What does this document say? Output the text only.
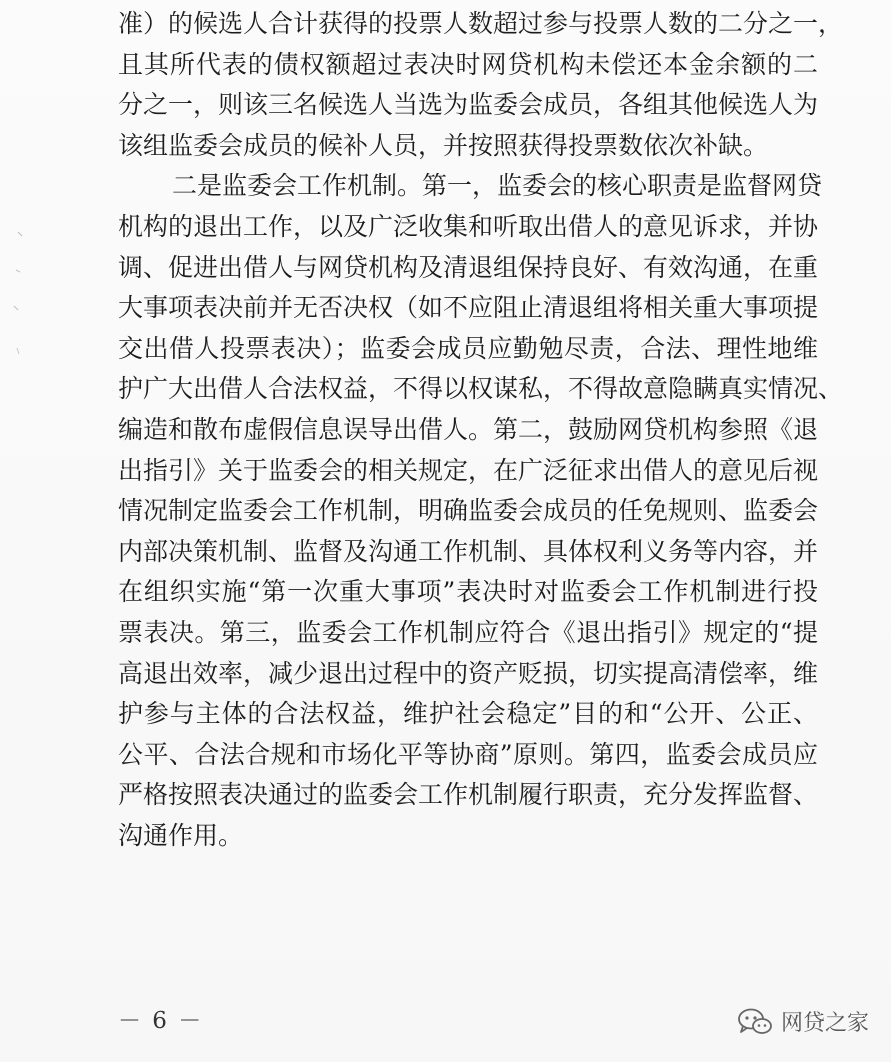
准）的候选人合计获得的投票人数超过参与投票人数的二分之一，
且其所代表的债权额超过表决时网贷机构未偿还本金余额的二
分之一，则该三名候选人当选为监委会成员，各组其他候选人为
该组监委会成员的候补人员，并按照获得投票数依次补缺。
二是监委会工作机制。第一，监委会的核心职责是监督网贷
机构的退出工作，以及广泛收集和听取出借人的意见诉求，并协
调、促进出借人与网贷机构及清退组保持良好、有效沟通，在重
大事项表决前并无否决权（如不应阻止清退组将相关重大事项提
交出借人投票表决）；监委会成员应勤勉尽责，合法、理性地维
护广大出借人合法权益，不得以权谋私，不得故意隐瞒真实情况、
编造和散布虚假信息误导出借人。第二，鼓励网贷机构参照《退
出指引》关于监委会的相关规定，在广泛征求出借人的意见后视
情况制定监委会工作机制，明确监委会成员的任免规则、监委会
内部决策机制、监督及沟通工作机制、具体权利义务等内容，并
在组织实施“第一次重大事项”表决时对监委会工作机制进行投
票表决。第三，监委会工作机制应符合《退出指引》规定的“提
高退出效率，减少退出过程中的资产贬损，切实提高清偿率，维
护参与主体的合法权益，维护社会稳定”目的和“公开、公正、
公平、合法合规和市场化平等协商”原则。第四，监委会成员应
严格按照表决通过的监委会工作机制履行职责，充分发挥监督、
沟通作用。
－ 6 －	网贷之家
